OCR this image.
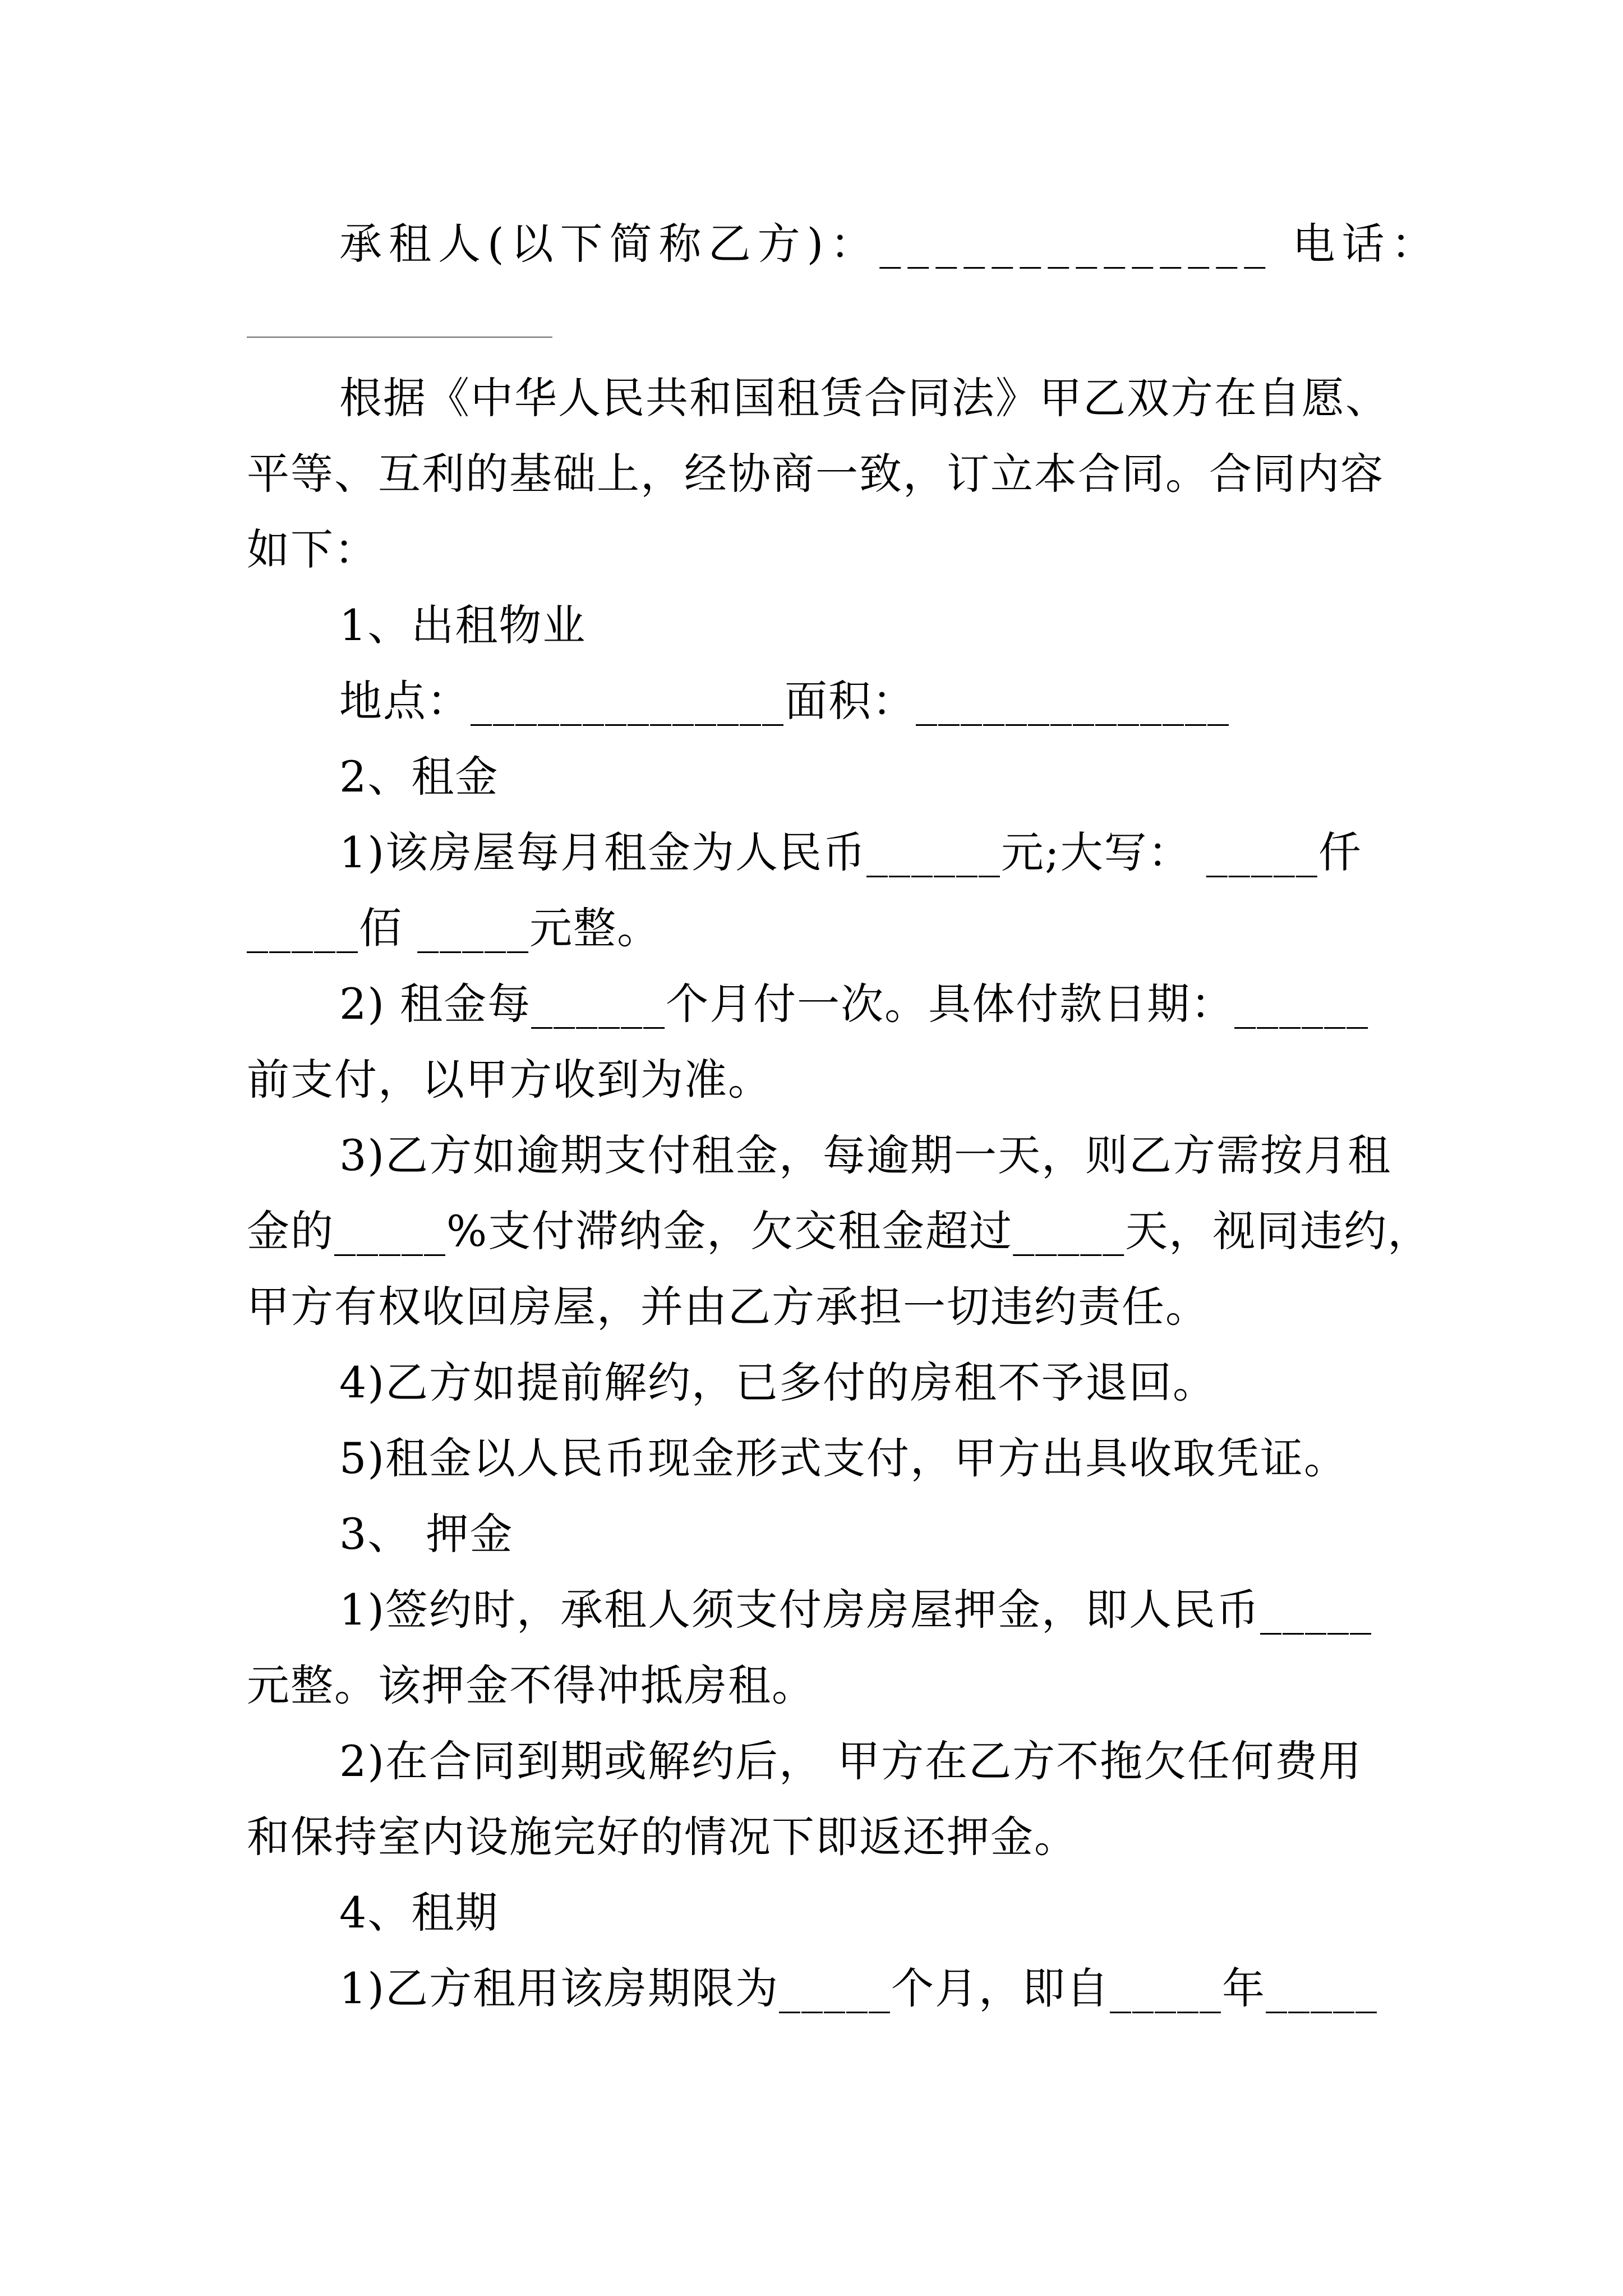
承租人(以下简称乙方)：______________ 电话：
根据《中华人民共和国租赁合同法》甲乙双方在自愿、
平等、互利的基础上，经协商一致，订立本合同。合同内容
如下：
1、出租物业
地点：______________面积：______________
2、租金
1)该房屋每月租金为人民币______元;大写： _____仟
_____佰 _____元整。
2) 租金每______个月付一次。具体付款日期：______
前支付，以甲方收到为准。
3)乙方如逾期支付租金，每逾期一天，则乙方需按月租
金的_____%支付滞纳金，欠交租金超过_____天，视同违约，
甲方有权收回房屋，并由乙方承担一切违约责任。
4)乙方如提前解约，已多付的房租不予退回。
5)租金以人民币现金形式支付，甲方出具收取凭证。
3、 押金
1)签约时，承租人须支付房房屋押金，即人民币_____
元整。该押金不得冲抵房租。
2)在合同到期或解约后， 甲方在乙方不拖欠任何费用
和保持室内设施完好的情况下即返还押金。
4、租期
1)乙方租用该房期限为_____个月，即自_____年_____
